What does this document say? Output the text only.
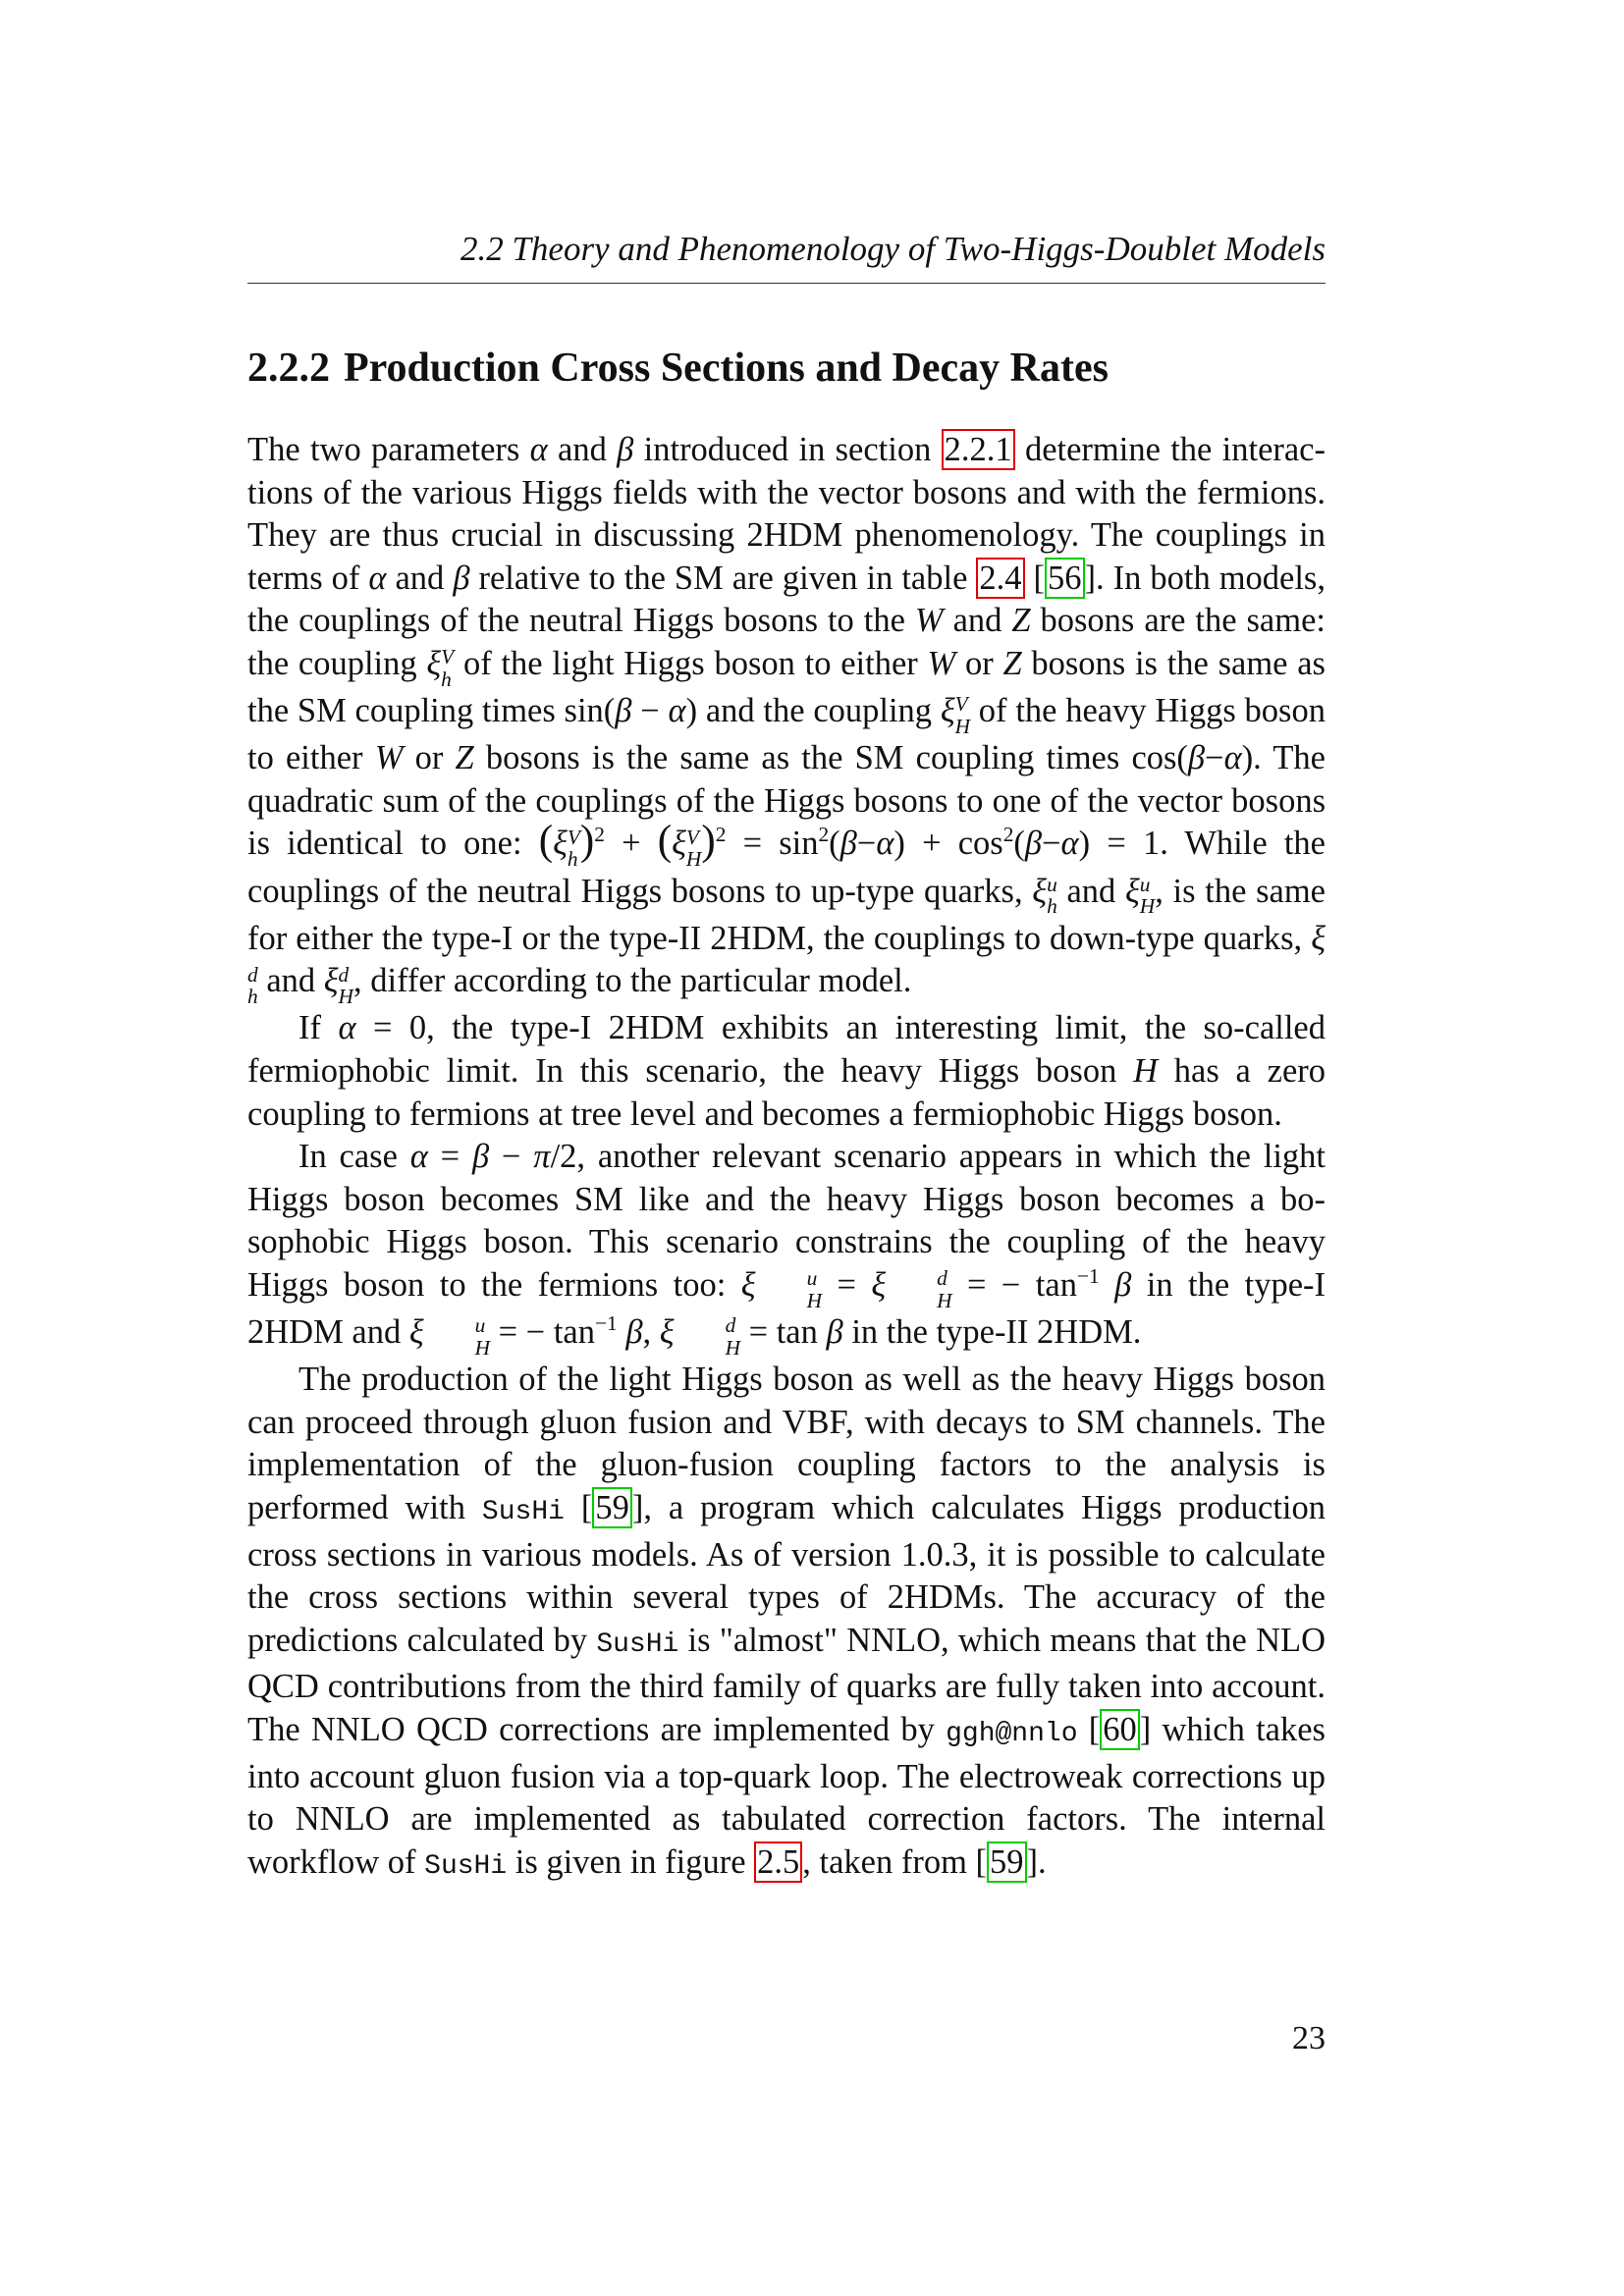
2.2 Theory and Phenomenology of Two-Higgs-Doublet Models
2.2.2 Production Cross Sections and Decay Rates

The two parameters α and β introduced in section 2.2.1 determine the interactions of the various Higgs fields with the vector bosons and with the fermions. They are thus crucial in discussing 2HDM phenomenology. The couplings in terms of α and β relative to the SM are given in table 2.4 [56]. In both models, the couplings of the neutral Higgs bosons to the W and Z bosons are the same: the coupling ξ V
h of the light Higgs boson to either W or Z bosons is the same as the SM coupling times sin(β − α) and the coupling ξ V
H of the heavy Higgs boson to either W or Z bosons is the same as the SM coupling times cos(β−α). The quadratic sum of the couplings of the Higgs bosons to one of the vector bosons is identical to one: (ξ V
h )$^2$ + (ξ V
H )$^2 = \sin^2(\beta-\alpha) + \cos^2(\beta-\alpha) = 1$. While the couplings of the neutral Higgs bosons to up-type quarks, ξ u
h and ξ u
H , is the same for either the type-I or the type-II 2HDM, the couplings to down-type quarks, ξ
d
h and ξ d
H , differ according to the particular model.

If α = 0, the type-I 2HDM exhibits an interesting limit, the so-called fermiophobic limit. In this scenario, the heavy Higgs boson H has a zero coupling to fermions at tree level and becomes a fermiophobic Higgs boson.

In case α = β − π/2, another relevant scenario appears in which the light Higgs boson becomes SM like and the heavy Higgs boson becomes a bosophobic Higgs boson. This scenario constrains the coupling of the heavy Higgs boson to the fermions too: ξ	u
H = ξ	d
H = − $\tan^{-1} \beta$ in the type-I 2HDM and ξ	u
H = − $\tan^{-1} \beta$, ξ	d
H = tan β in the type-II 2HDM.

The production of the light Higgs boson as well as the heavy Higgs boson can proceed through gluon fusion and VBF, with decays to SM channels. The implementation of the gluon-fusion coupling factors to the analysis is performed with SusHi [59], a program which calculates Higgs production cross sections in various models. As of version 1.0.3, it is possible to calculate the cross sections within several types of 2HDMs. The accuracy of the predictions calculated by SusHi is "almost" NNLO, which means that the NLO QCD contributions from the third family of quarks are fully taken into account. The NNLO QCD corrections are implemented by ggh@nnlo [60] which takes into account gluon fusion via a top-quark loop. The electroweak corrections up to NNLO are implemented as tabulated correction factors. The internal workflow of SusHi is given in figure 2.5, taken from [59].

23
